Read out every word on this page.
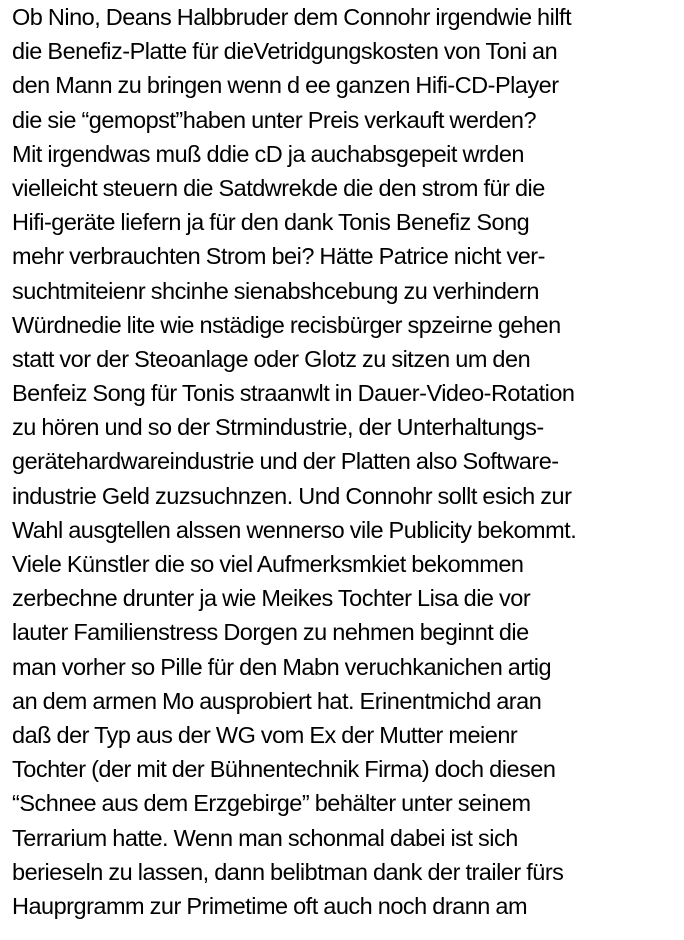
Ob Nino, Deans Halbbruder dem Connohr irgendwie hilft
die Benefiz-Platte für dieVetridgungskosten von Toni an
den Mann zu bringen wenn d ee ganzen Hifi-CD-Player
die sie “gemopst”haben unter Preis verkauft werden?
Mit irgendwas muß ddie cD ja auchabsgepeit wrden
vielleicht steuern die Satdwrekde die den strom für die
Hifi-geräte liefern ja für den dank Tonis Benefiz Song
mehr verbrauchten Strom bei? Hätte Patrice nicht ver-
suchtmiteienr shcinhe sienabshcebung zu verhindern
Würdnedie lite wie nstädige recisbürger spzeirne gehen
statt vor der Steoanlage oder Glotz zu sitzen um den
Benfeiz Song für Tonis straanwlt in Dauer-Video-Rotation
zu hören und so der Strmindustrie, der Unterhaltungs-
gerätehardwareindustrie und der Platten also Software-
industrie Geld zuzsuchnzen. Und Connohr sollt esich zur
Wahl ausgtellen alssen wennerso vile Publicity bekommt.
Viele Künstler die so viel Aufmerksmkiet bekommen
zerbechne drunter ja wie Meikes Tochter Lisa die vor
lauter Familienstress Dorgen zu nehmen beginnt die
man vorher so Pille für den Mabn veruchkanichen artig
an dem armen Mo ausprobiert hat. Erinentmichd aran
daß der Typ aus der WG vom Ex der Mutter meienr
Tochter (der mit der Bühnentechnik Firma) doch diesen
“Schnee aus dem Erzgebirge” behälter unter seinem
Terrarium hatte. Wenn man schonmal dabei ist sich
berieseln zu lassen, dann belibtman dank der trailer fürs
Hauprgramm zur Primetime oft auch noch drann am
